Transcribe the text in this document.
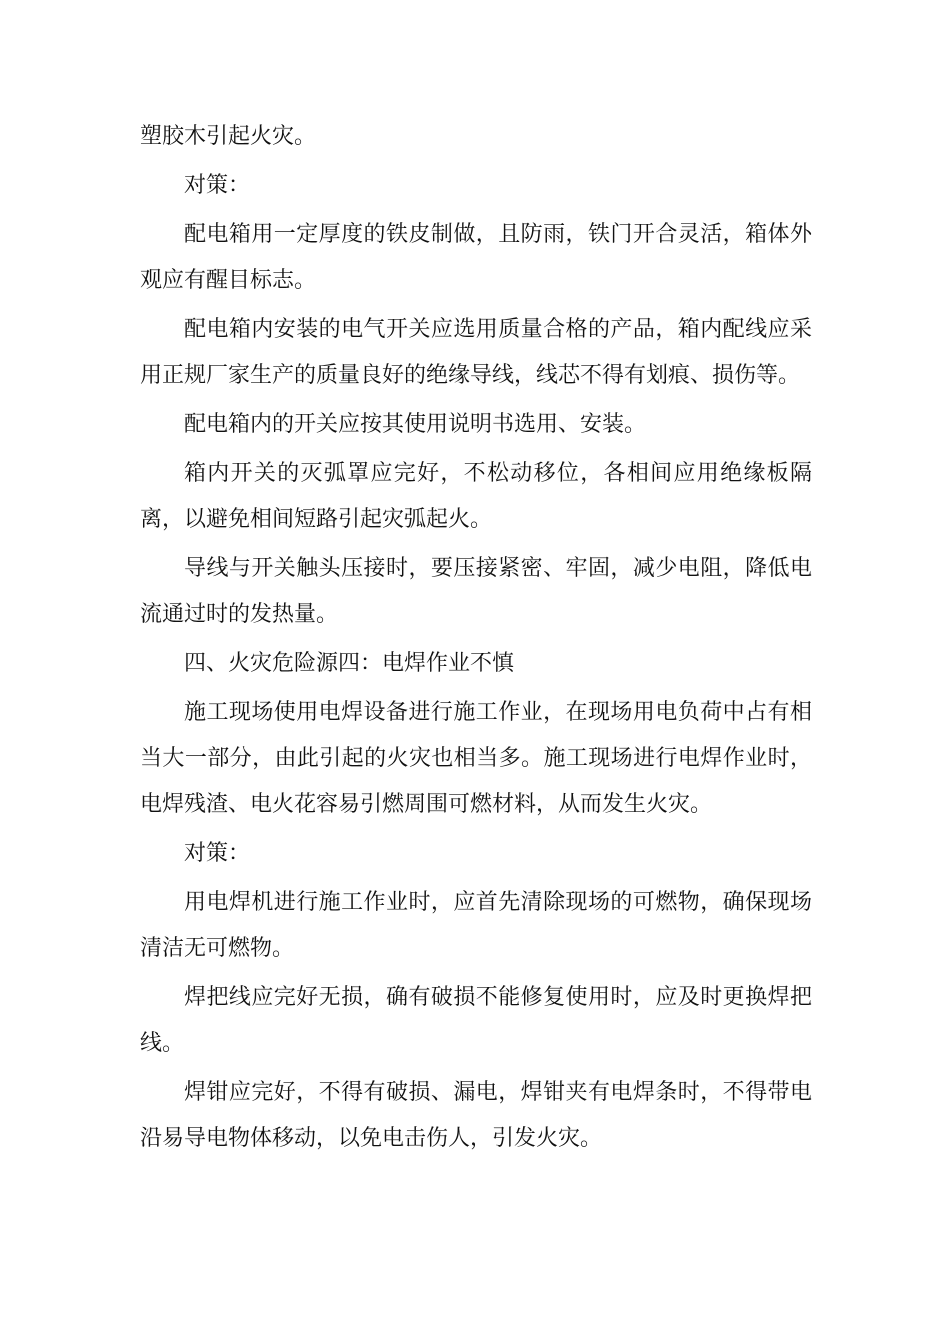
塑胶木引起火灾。

对策：

配电箱用一定厚度的铁皮制做，且防雨，铁门开合灵活，箱体外观应有醒目标志。

配电箱内安装的电气开关应选用质量合格的产品，箱内配线应采用正规厂家生产的质量良好的绝缘导线，线芯不得有划痕、损伤等。

配电箱内的开关应按其使用说明书选用、安装。

箱内开关的灭弧罩应完好，不松动移位，各相间应用绝缘板隔离，以避免相间短路引起灾弧起火。

导线与开关触头压接时，要压接紧密、牢固，减少电阻，降低电流通过时的发热量。

四、火灾危险源四：电焊作业不慎

施工现场使用电焊设备进行施工作业，在现场用电负荷中占有相当大一部分，由此引起的火灾也相当多。施工现场进行电焊作业时，电焊残渣、电火花容易引燃周围可燃材料，从而发生火灾。

对策：

用电焊机进行施工作业时，应首先清除现场的可燃物，确保现场清洁无可燃物。

焊把线应完好无损，确有破损不能修复使用时，应及时更换焊把线。

焊钳应完好，不得有破损、漏电，焊钳夹有电焊条时，不得带电沿易导电物体移动，以免电击伤人，引发火灾。
